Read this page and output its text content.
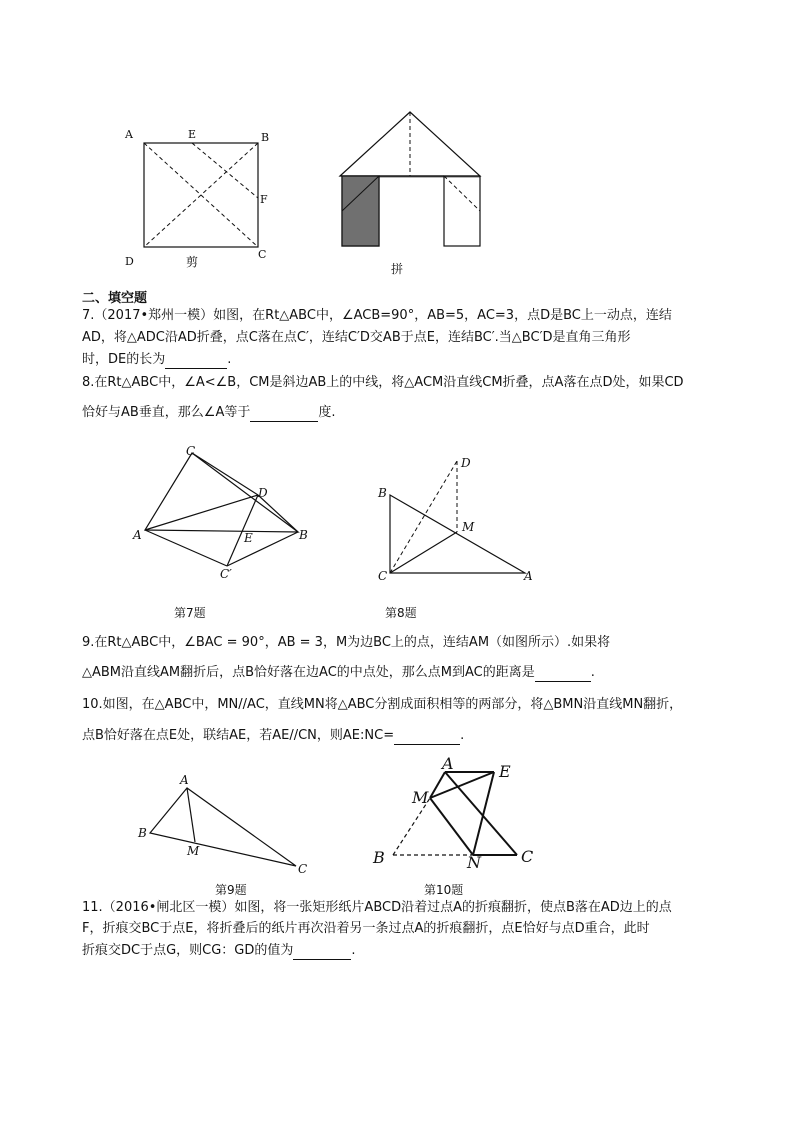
A	E	B
F
D
C
剪	拼
二、填空题
7.（2017•郑州一模）如图，在Rt△ABC中，∠ACB=90°，AB=5，AC=3，点D是BC上一动点，连结
AD，将△ADC沿AD折叠，点C落在点C′，连结C′D交AB于点E，连结BC′.当△BC′D是直角三角形
时，DE的长为	.
8.在Rt△ABC中，∠A<∠B，CM是斜边AB上的中线，将△ACM沿直线CM折叠，点A落在点D处，如果CD
恰好与AB垂直，那么∠A等于	度.
C
D
A	E	B
C′
第7题
D
B
M
C	A
第8题
9.在Rt△ABC中，∠BAC = 90°，AB = 3，M为边BC上的点，连结AM（如图所示）.如果将
△ABM沿直线AM翻折后，点B恰好落在边AC的中点处，那么点M到AC的距离是	.
10.如图，在△ABC中，MN//AC，直线MN将△ABC分割成面积相等的两部分，将△BMN沿直线MN翻折，
点B恰好落在点E处，联结AE，若AE//CN，则AE:NC=	.
A
B
M
C
第9题
A	E
M
B	N	C
第10题
11.（2016•闸北区一模）如图，将一张矩形纸片ABCD沿着过点A的折痕翻折，使点B落在AD边上的点
F，折痕交BC于点E，将折叠后的纸片再次沿着另一条过点A的折痕翻折，点E恰好与点D重合，此时
折痕交DC于点G，则CG：GD的值为	.
